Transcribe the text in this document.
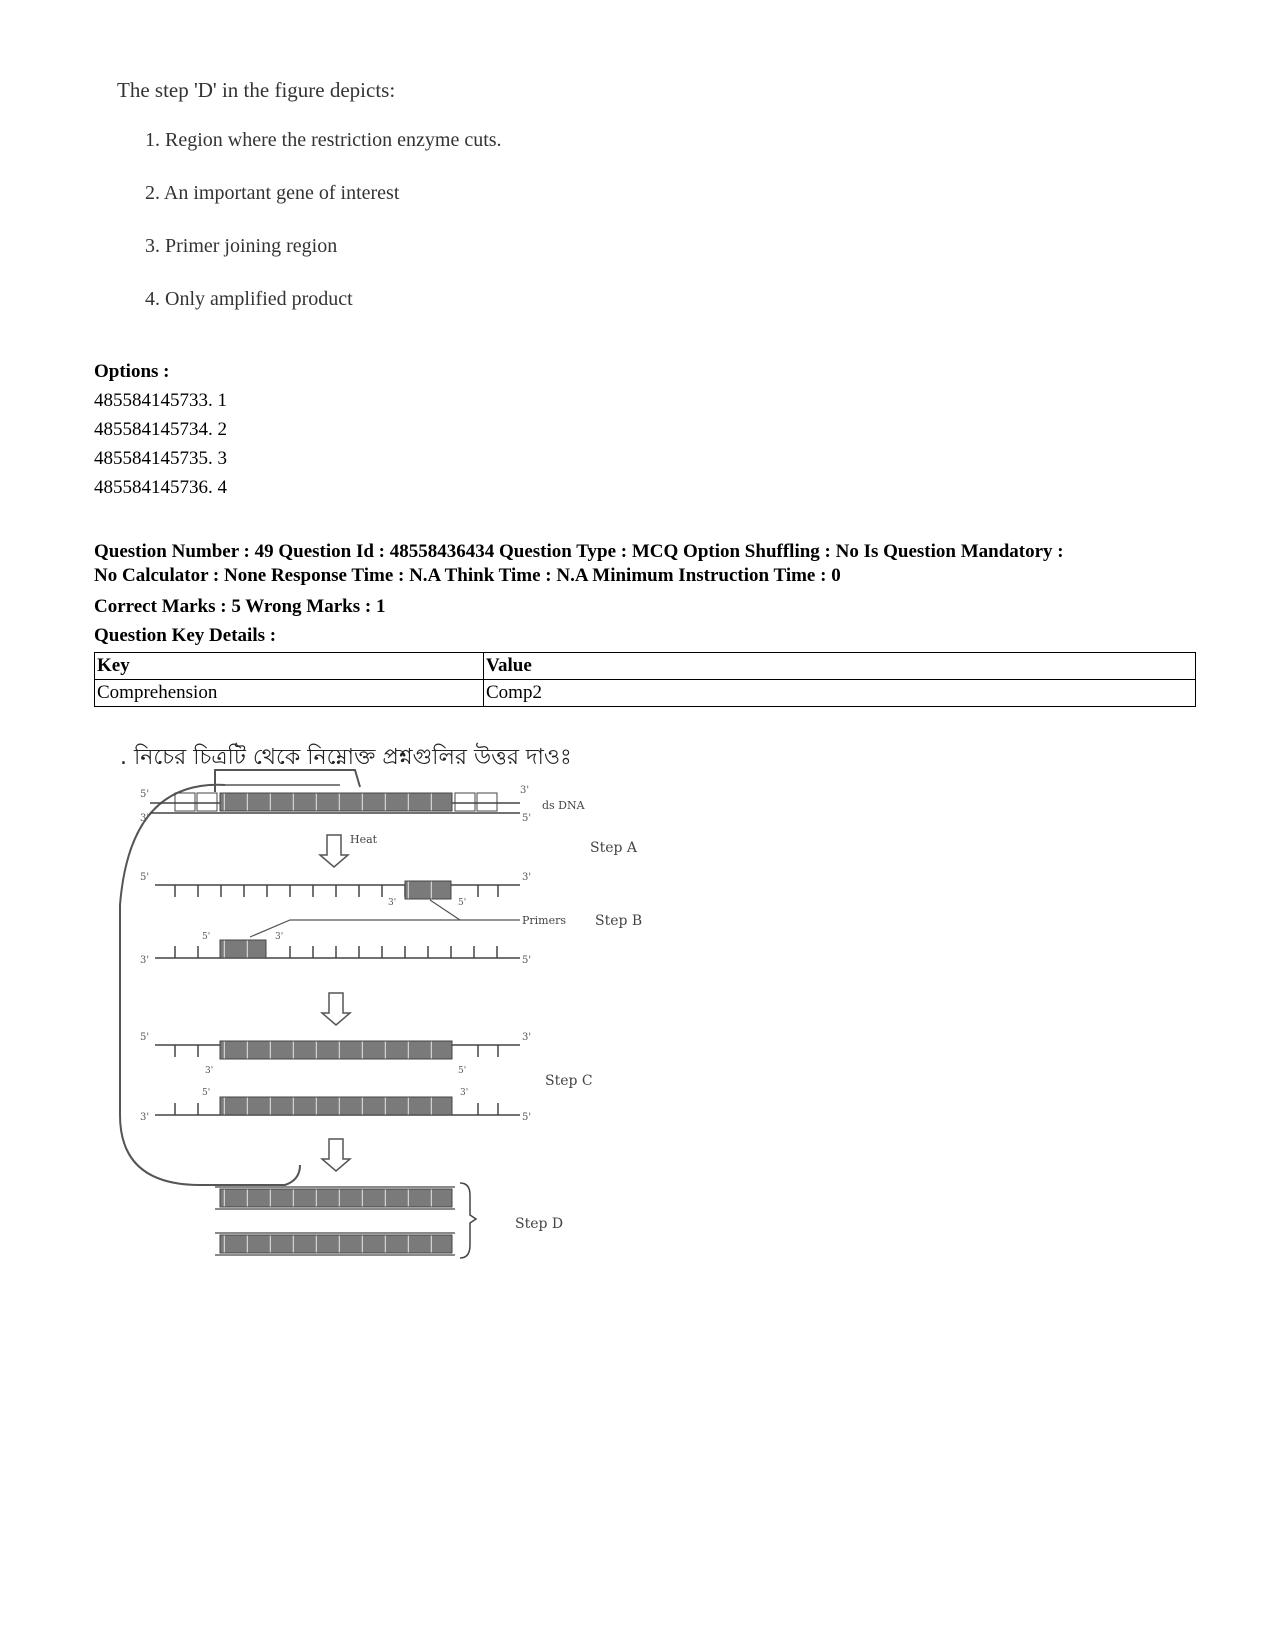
The step 'D' in the figure depicts:

1. Region where the restriction enzyme cuts.

2. An important gene of interest

3. Primer joining region

4. Only amplified product

Options :
485584145733. 1
485584145734. 2
485584145735. 3
485584145736. 4

Question Number : 49 Question Id : 48558436434 Question Type : MCQ Option Shuffling : No Is Question Mandatory :

No Calculator : None Response Time : N.A Think Time : N.A Minimum Instruction Time : 0

Correct Marks : 5 Wrong Marks : 1
Question Key Details :
Key	Value
Comprehension	Comp2
. নিচের চিত্রটি থেকে নিম্নোক্ত প্রশ্নগুলির উত্তর দাওঃ
5'
3'
3'
5'
ds DNA
Heat
Step A
5'	3'
3'	5'
Primers Step B
3'	5'
5'	3'
5'	3'
3'	5'
Step C
5'	3'
3'	5'
Step D
